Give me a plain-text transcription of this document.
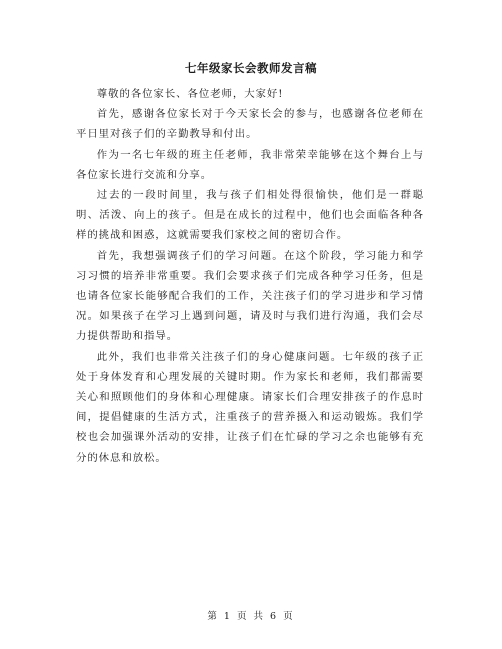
七年级家长会教师发言稿

尊敬的各位家长、各位老师，大家好!

首先，感谢各位家长对于今天家长会的参与，也感谢各位老师在平日里对孩子们的辛勤教导和付出。

作为一名七年级的班主任老师，我非常荣幸能够在这个舞台上与各位家长进行交流和分享。

过去的一段时间里，我与孩子们相处得很愉快，他们是一群聪明、活泼、向上的孩子。但是在成长的过程中，他们也会面临各种各样的挑战和困惑，这就需要我们家校之间的密切合作。

首先，我想强调孩子们的学习问题。在这个阶段，学习能力和学习习惯的培养非常重要。我们会要求孩子们完成各种学习任务，但是也请各位家长能够配合我们的工作，关注孩子们的学习进步和学习情况。如果孩子在学习上遇到问题，请及时与我们进行沟通，我们会尽力提供帮助和指导。

此外，我们也非常关注孩子们的身心健康问题。七年级的孩子正处于身体发育和心理发展的关键时期。作为家长和老师，我们都需要关心和照顾他们的身体和心理健康。请家长们合理安排孩子的作息时间，提倡健康的生活方式，注重孩子的营养摄入和运动锻炼。我们学校也会加强课外活动的安排，让孩子们在忙碌的学习之余也能够有充分的休息和放松。

第 1 页 共 6 页
